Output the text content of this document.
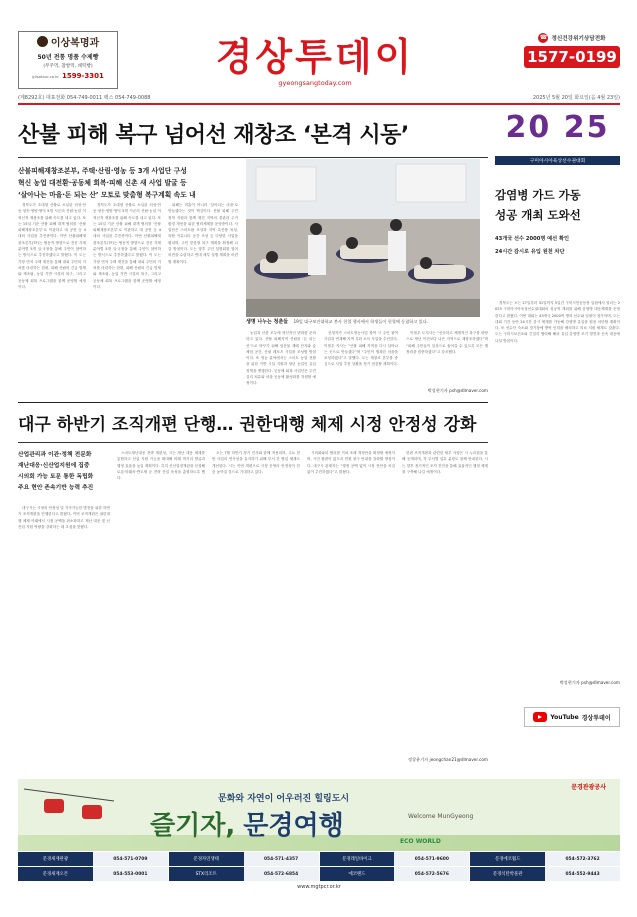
이상복명과
50년 전통 명품 수제빵
(무주먹, 찹쌀떡, 쇄떡빵)
gilsatour.co.kr 1599-3301	경상투데이
gyeongsangtoday.com
☎ 정신건강위기상담전화
1577-0199
(제8292호) 대표전화 054-749-0011 팩스 054-749-0088	2025년 5월 20일 화요일(음 4월 23일)
산불 피해 복구 넘어선 재창조 ‘본격 시동’
산불피해재창조본부, 주택·산림·영농 등 3개 사업단 구성
혁신 농업 대전환·공동체 회복·피해 신촌 새 사업 발굴 등
‘살아나는 마을·돈 되는 산’ 모토로 맞춤형 복구계획 속도 내

경북도가 초대형 산불로 소실된 의성·안동·청송·영양·영덕 5개 시군의 산림·농업 이 혁신적 재창조를 위해 속도를 내고 있다. 또는 15일 기준 산불 피해 대책 협의를 ‘산불피해재창조본부’로 이관하고 대 공헌 등 4대의 사업을 추진중이다. 이번 산불피해재창조본부(TF)는 협동적 방향으로 전문 각계 분야별 5개 실·국장을 통해 주민이 참여하는 방식으로 추진하겠다고 밝혔다. 이 도는 가장 먼저 주택 재건을 통해 대피 주민의 거처를 마련하는 한편, 피해 산림의 긴급 벌채와 재조림, 농업 기반 시설의 복구, 그리고 공동체 회복 프로그램을 함께 운영할 예정이다.

경북도가 초대형 산불로 소실된 의성·안동·청송·영양·영덕 5개 시군의 산림·농업 이 혁신적 재창조를 위해 속도를 내고 있다. 또는 15일 기준 산불 피해 대책 협의를 ‘산불피해재창조본부’로 이관하고 대 공헌 등 4대의 사업을 추진중이다. 이번 산불피해재창조본부(TF)는 협동적 방향으로 전문 각계 분야별 5개 실·국장을 통해 주민이 참여하는 방식으로 추진하겠다고 밝혔다. 이 도는 가장 먼저 주택 재건을 통해 대피 주민의 거처를 마련하는 한편, 피해 산림의 긴급 벌채와 재조림, 농업 기반 시설의 복구, 그리고 공동체 회복 프로그램을 함께 운영할 예정이다.

피해는 미흡이 아니라 ‘살아나는 마을’로 만들겠다는 것이 핵심이다. 산불 피해 주민 정착 지원과 함께 재건 지역의 경관과 주거 환경 개선을 위한 협력체계를 운영중이다. 사업단은 스마트팜 조성과 지역 특산품 육성, 복합 커뮤니티 공간 조성 등 다양한 사업을 펼치며, 주민 맞춤형 복구 계획을 확정해 나갈 방침이다. 도는 향후 주민 설명회를 열어 의견을 수렴하고 연내 세부 실행 계획을 마련할 계획이다.

생명 나누는 청춘들 19일 대구보건대학교 봉사 헌혈 행사에서 학생들이 헌혈에 동참하고 있다.

농업과 산촌 모두에 혁신적인 변화를 준비하고 있다. 산불 피해지역 산림을 ‘돈 되는 산’으로 바꾸기 위해 임산물 재배 단지와 숲 체험 공간, 산림 레포츠 시설을 조성할 방침이다. 또 영농 분야에서는 스마트 농업 전환을 위한 기반 시설 지원과 청년 농업인 유입 정책을 병행한다. 공동체 회복 사업단은 주민 심리 치유와 마을 공동체 활성화를 지원할 예정이다.

신청자가 스마트영농사업 참여 시 주민 참여 사업과 연계해 지역 특화 소득 사업을 추진한다. 이철우 지사는 “산불 피해 지역을 다시 살아나는 곳으로 만들겠다”며 “주민이 행복한 마을을 조성하겠다”고 말했다. 도는 재창조 본부를 중심으로 사업 추진 상황을 정기 점검할 계획이다.

이철우 도지사는 “신속하고 체계적인 복구를 바탕으로 재난 이전보다 나은 지역으로 재창조하겠다”며 “피해 주민들이 일상으로 돌아갈 수 있도록 모든 행정력을 집중하겠다”고 강조했다.

박성현기자 psh@dlmaver.com
대구 하반기 조직개편 단행… 권한대행 체제 시정 안정성 강화
산업관리과 이관·정책 전문화
재난대응·신산업지원에 집중
시의회 가능 토문 통한 독립화
주요 현안 존속기반 능력 추진

대구시는 시정의 안정성 및 지속가능한 발전을 위한 하반기 조직개편을 단행한다고 밝혔다. 이번 조직개편은 권한대행 체제 아래에서 시정 공백을 최소화하고 재난 대응 및 신산업 지원 역량을 강화하는 데 초점을 맞췄다.

스마트재난대응 전략 재편성, 시는 재난 대응 체계를 통합하고 산업 지원 기능을 확대해 미래 먹거리 발굴과 행정 효율을 높일 계획이다. 특히 신산업정책관을 신설해 로봇·미래차·반도체 등 전략 산업 육성을 총괄하도록 했다.

오는 7월 하반기 정기 인사와 함께 적용되며, 주요 현안 사업의 연속성을 유지하기 위해 부서 간 협업 체계도 개선된다. 시는 이번 개편으로 시정 운영의 안정성이 한층 높아질 것으로 기대하고 있다.

시의회와의 협의를 거쳐 조례 개정안을 확정할 예정이며, 시민 불편이 없도록 민원 창구 안내를 강화할 방침이다. 대구시 관계자는 “행정 공백 없이 시정 현안을 차질 없이 추진하겠다”고 밝혔다.

한편 조직개편과 관련한 세부 사항은 시 누리집을 통해 공개되며, 각 부서별 업무 분장도 함께 안내된다. 시는 향후 정기적인 조직 진단을 통해 효율적인 행정 체계를 구축해 나갈 예정이다.

정창윤기자 jeongchan21@dlmaver.com
20 25
구미아시아육상선수권대회
감염병 가드 가동
성공 개최 도와선
43개국 선수 2000명 예선 확인
24시간 감시로 유입 원천 차단

경북도는 오는 27일부터 31일까지 5일간 구미시민운동장 일원에서 열리는 2025 구미아시아육상선수권대회의 성공적 개최를 위해 감염병 대응체계를 운영한다고 밝혔다. 이번 대회는 43개국 2000여 명의 선수와 임원이 참가하며, 도는 대회 기간 동안 24시간 감시 체계를 가동해 감염병 유입을 원천 차단할 계획이다. 또 선수단 숙소와 경기장에 방역 인력을 배치하고 의료 지원 체계도 갖춘다. 도는 구미시보건소와 긴밀히 협력해 해외 유입 감염병 조기 발견과 신속 대응에 나설 방침이다.

박성현기자 psh@dlmaver.com
YouTube 경상투데이
문경관광공사
문화와 자연이 어우러진 힐링도시
Welcome MunGyeong
즐기자, 문경여행
ECO WORLD
문경새재관광	054-571-0709	문경자연생태	054-571-4357	문경레일바이크	054-571-9600	문경에코월드	054-572-3762
문경새재오픈	054-553-0001	STX리조트	054-572-6854	에코랜드	054-572-5676	문경석탄박물관	054-552-9443
www.mgtpcr.or.kr
